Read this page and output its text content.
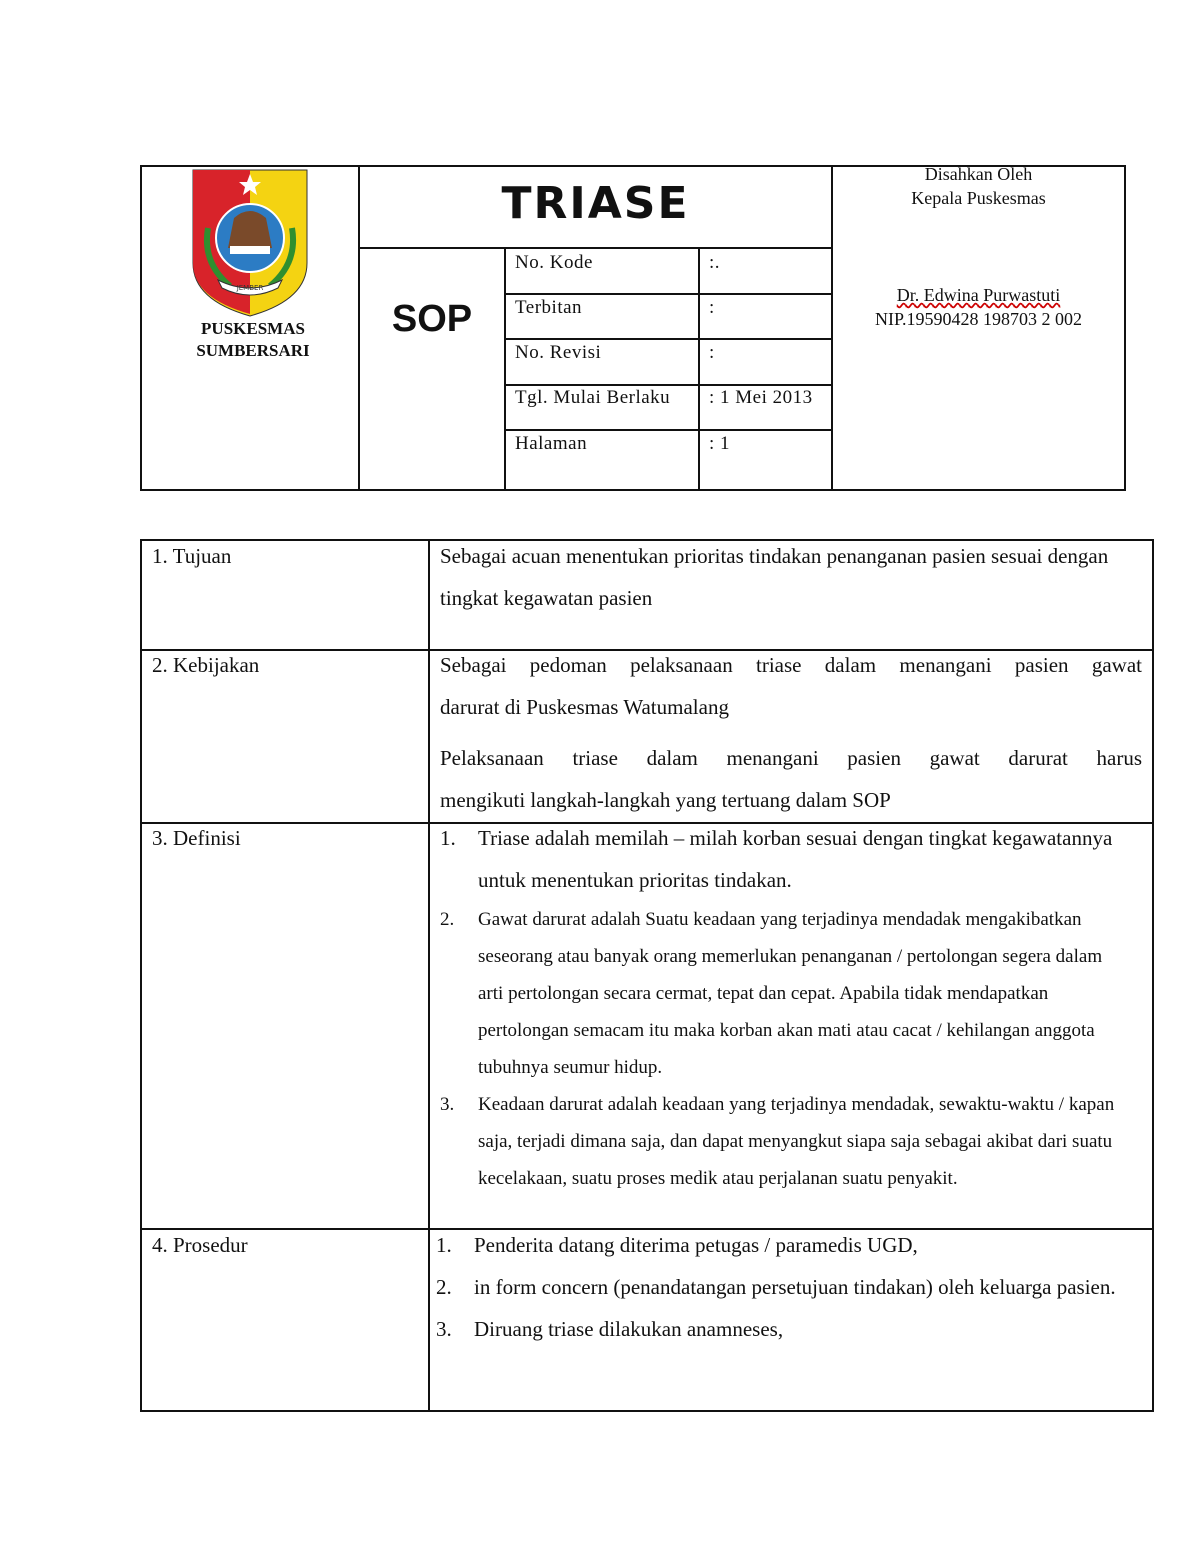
JEMBER
PUSKESMAS
SUMBERSARI
TRIASE
SOP
No. Kode	:.
Terbitan	:
No. Revisi	:
Tgl. Mulai Berlaku : 1 Mei 2013
Halaman	: 1
Disahkan Oleh
Kepala Puskesmas
Dr. Edwina Purwastuti
NIP.19590428 198703 2 002
1. Tujuan	Sebagai acuan menentukan prioritas tindakan penanganan pasien sesuai dengan tingkat kegawatan pasien
2. Kebijakan	Sebagai pedoman pelaksanaan triase dalam menangani pasien gawat
darurat di Puskesmas Watumalang
Pelaksanaan triase dalam menangani pasien gawat darurat harus
mengikuti langkah-langkah yang tertuang dalam SOP
3. Definisi	1. Triase adalah memilah – milah korban sesuai dengan tingkat kegawatannya untuk menentukan prioritas tindakan.
2. Gawat darurat adalah Suatu keadaan yang terjadinya mendadak mengakibatkan seseorang atau banyak orang memerlukan penanganan / pertolongan segera dalam arti pertolongan secara cermat, tepat dan cepat. Apabila tidak mendapatkan pertolongan semacam itu maka korban akan mati atau cacat / kehilangan anggota tubuhnya seumur hidup.
3. Keadaan darurat adalah keadaan yang terjadinya mendadak, sewaktu-waktu / kapan saja, terjadi dimana saja, dan dapat menyangkut siapa saja sebagai akibat dari suatu kecelakaan, suatu proses medik atau perjalanan suatu penyakit.
4. Prosedur	1. Penderita datang diterima petugas / paramedis UGD,
2. in form concern (penandatangan persetujuan tindakan) oleh keluarga pasien.
3. Diruang triase dilakukan anamneses,
